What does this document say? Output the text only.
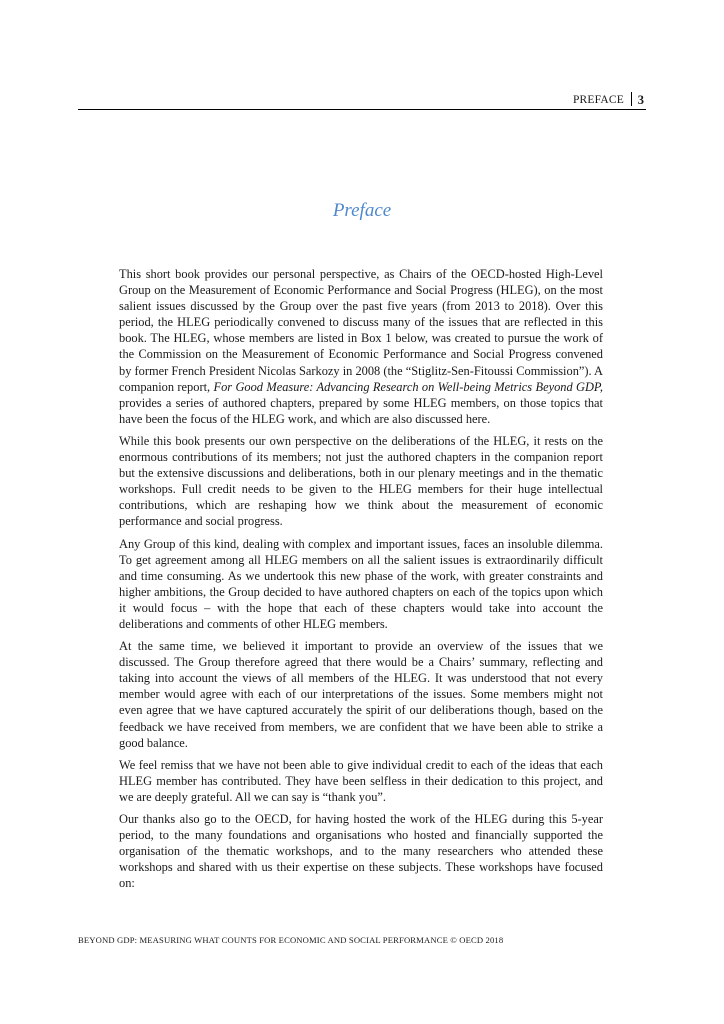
PREFACE 3
Preface

This short book provides our personal perspective, as Chairs of the OECD-hosted High-Level Group on the Measurement of Economic Performance and Social Progress (HLEG), on the most salient issues discussed by the Group over the past five years (from 2013 to 2018). Over this period, the HLEG periodically convened to discuss many of the issues that are reflected in this book. The HLEG, whose members are listed in Box 1 below, was created to pursue the work of the Commission on the Measurement of Economic Performance and Social Progress convened by former French President Nicolas Sarkozy in 2008 (the “Stiglitz-Sen-Fitoussi Commission”). A companion report, For Good Measure: Advancing Research on Well-being Metrics Beyond GDP, provides a series of authored chapters, prepared by some HLEG members, on those topics that have been the focus of the HLEG work, and which are also discussed here.

While this book presents our own perspective on the deliberations of the HLEG, it rests on the enormous contributions of its members; not just the authored chapters in the companion report but the extensive discussions and deliberations, both in our plenary meetings and in the thematic workshops. Full credit needs to be given to the HLEG members for their huge intellectual contributions, which are reshaping how we think about the measurement of economic performance and social progress.

Any Group of this kind, dealing with complex and important issues, faces an insoluble dilemma. To get agreement among all HLEG members on all the salient issues is extraordinarily difficult and time consuming. As we undertook this new phase of the work, with greater constraints and higher ambitions, the Group decided to have authored chapters on each of the topics upon which it would focus – with the hope that each of these chapters would take into account the deliberations and comments of other HLEG members.

At the same time, we believed it important to provide an overview of the issues that we discussed. The Group therefore agreed that there would be a Chairs’ summary, reflecting and taking into account the views of all members of the HLEG. It was understood that not every member would agree with each of our interpretations of the issues. Some members might not even agree that we have captured accurately the spirit of our deliberations though, based on the feedback we have received from members, we are confident that we have been able to strike a good balance.

We feel remiss that we have not been able to give individual credit to each of the ideas that each HLEG member has contributed. They have been selfless in their dedication to this project, and we are deeply grateful. All we can say is “thank you”.

Our thanks also go to the OECD, for having hosted the work of the HLEG during this 5-year period, to the many foundations and organisations who hosted and financially supported the organisation of the thematic workshops, and to the many researchers who attended these workshops and shared with us their expertise on these subjects. These workshops have focused on:

BEYOND GDP: MEASURING WHAT COUNTS FOR ECONOMIC AND SOCIAL PERFORMANCE © OECD 2018
